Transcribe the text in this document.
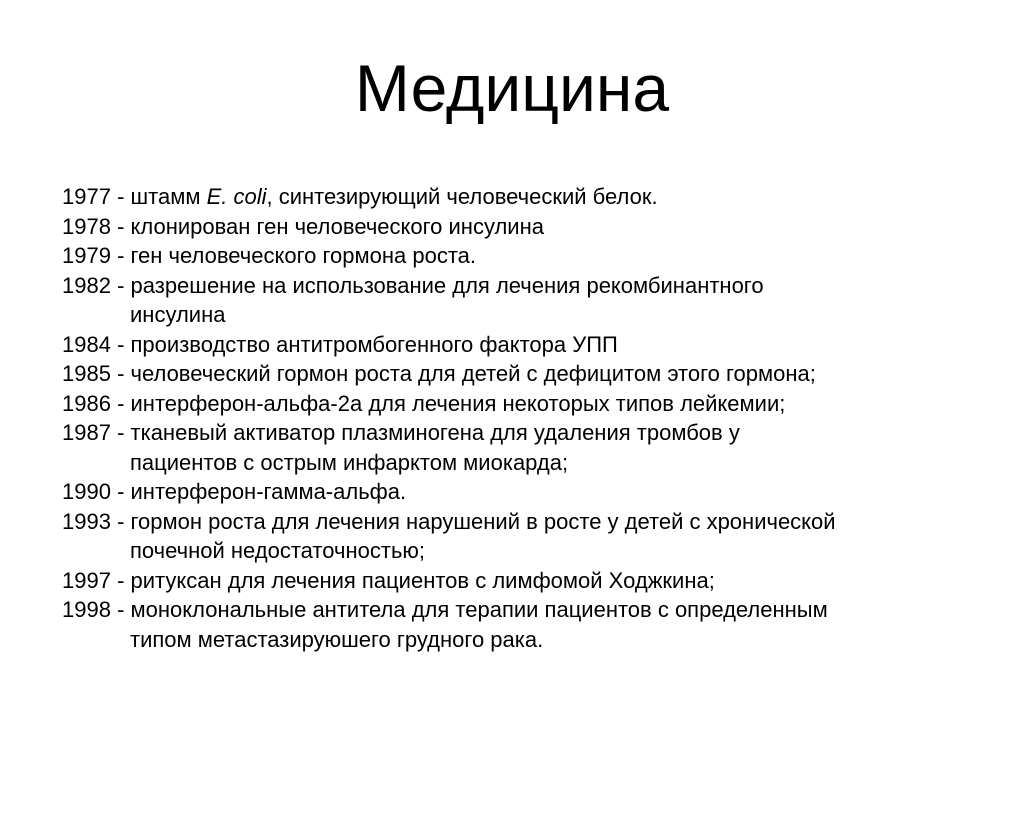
Медицина
1977 - штамм E. coli, синтезирующий человеческий белок.
1978 - клонирован ген человеческого инсулина
1979 - ген человеческого гормона роста.
1982 - разрешение на использование для лечения рекомбинантного
инсулина
1984 - производство антитромбогенного фактора УПП
1985 - человеческий гормон роста для детей с дефицитом этого гормона;
1986 - интерферон-альфа-2а для лечения некоторых типов лейкемии;
1987 - тканевый активатор плазминогена для удаления тромбов у
пациентов с острым инфарктом миокарда;
1990 - интерферон-гамма-альфа.
1993 - гормон роста для лечения нарушений в росте у детей с хронической
почечной недостаточностью;
1997 - ритуксан для лечения пациентов с лимфомой Ходжкина;
1998 - моноклональные антитела для терапии пациентов с определенным
типом метастазируюшего грудного рака.
